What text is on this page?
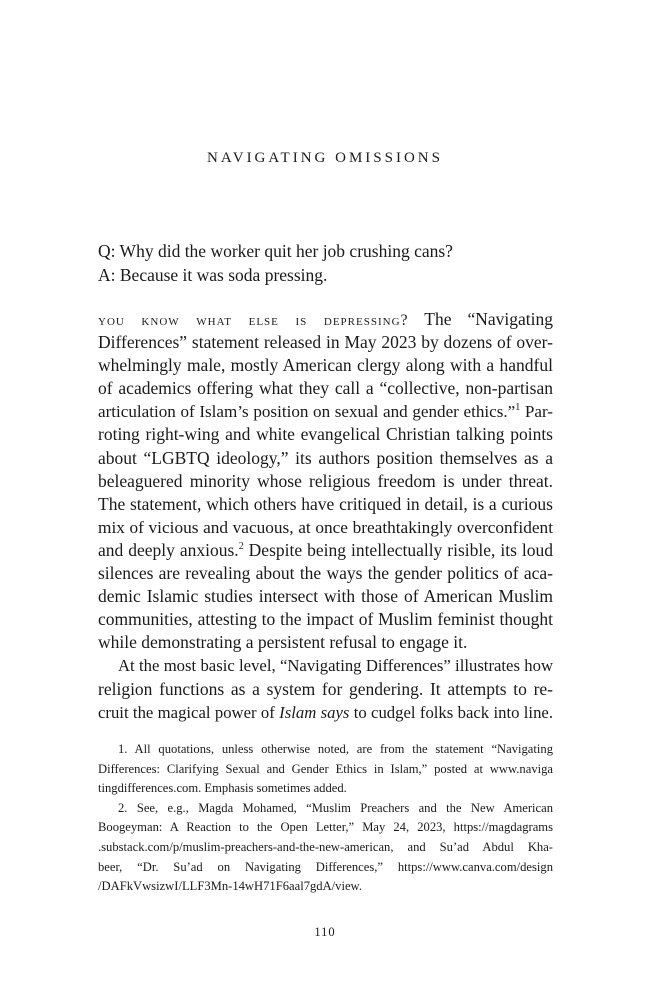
NAVIGATING OMISSIONS
Q: Why did the worker quit her job crushing cans?
A: Because it was soda pressing.
you know what else is depressing? The “Navigating
Differences” statement released in May 2023 by dozens of over-
whelmingly male, mostly American clergy along with a handful
of academics offering what they call a “collective, non-partisan
articulation of Islam’s position on sexual and gender ethics.”$^1$ Par-
roting right-wing and white evangelical Christian talking points
about “LGBTQ ideology,” its authors position themselves as a
beleaguered minority whose religious freedom is under threat.
The statement, which others have critiqued in detail, is a curious
mix of vicious and vacuous, at once breathtakingly overconfident
and deeply anxious.$^2$ Despite being intellectually risible, its loud
silences are revealing about the ways the gender politics of aca-
demic Islamic studies intersect with those of American Muslim
communities, attesting to the impact of Muslim feminist thought
while demonstrating a persistent refusal to engage it.
At the most basic level, “Navigating Differences” illustrates how
religion functions as a system for gendering. It attempts to re-
cruit the magical power of Islam says to cudgel folks back into line.
1. All quotations, unless otherwise noted, are from the statement “Navigating
Differences: Clarifying Sexual and Gender Ethics in Islam,” posted at www.naviga
tingdifferences.com. Emphasis sometimes added.
2. See, e.g., Magda Mohamed, “Muslim Preachers and the New American
Boogeyman: A Reaction to the Open Letter,” May 24, 2023, https://magdagrams
.substack.com/p/muslim-preachers-and-the-new-american, and Su’ad Abdul Kha-
beer, “Dr. Su’ad on Navigating Differences,” https://www.canva.com/design
/DAFkVwsizwI/LLF3Mn-14wH71F6aal7gdA/view.
110
